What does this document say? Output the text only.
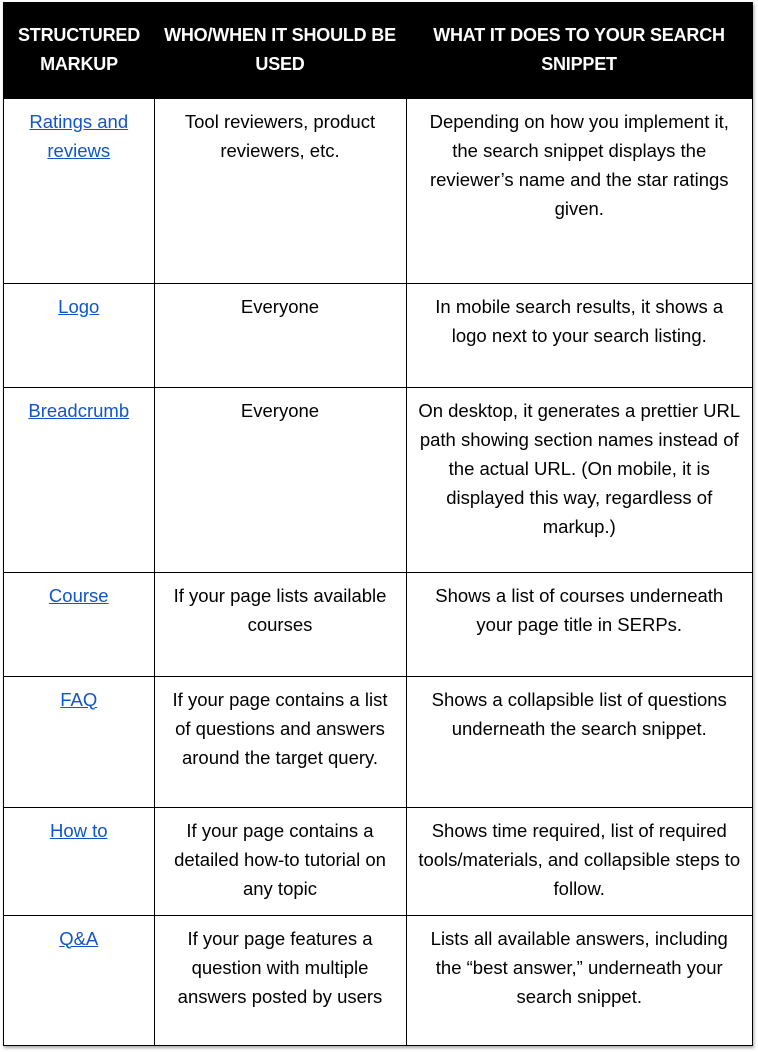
STRUCTURED MARKUP	WHO/WHEN IT SHOULD BE USED	WHAT IT DOES TO YOUR SEARCH SNIPPET
Ratings and reviews	Tool reviewers, product reviewers, etc.	Depending on how you implement it, the search snippet displays the reviewer’s name and the star ratings given.
Logo	Everyone	In mobile search results, it shows a logo next to your search listing.
Breadcrumb	Everyone	On desktop, it generates a prettier URL path showing section names instead of the actual URL. (On mobile, it is displayed this way, regardless of markup.)
Course	If your page lists available courses	Shows a list of courses underneath your page title in SERPs.
FAQ	If your page contains a list of questions and answers around the target query.	Shows a collapsible list of questions underneath the search snippet.
How to	If your page contains a detailed how-to tutorial on any topic	Shows time required, list of required tools/materials, and collapsible steps to follow.
Q&A	If your page features a question with multiple answers posted by users	Lists all available answers, including the “best answer,” underneath your search snippet.
